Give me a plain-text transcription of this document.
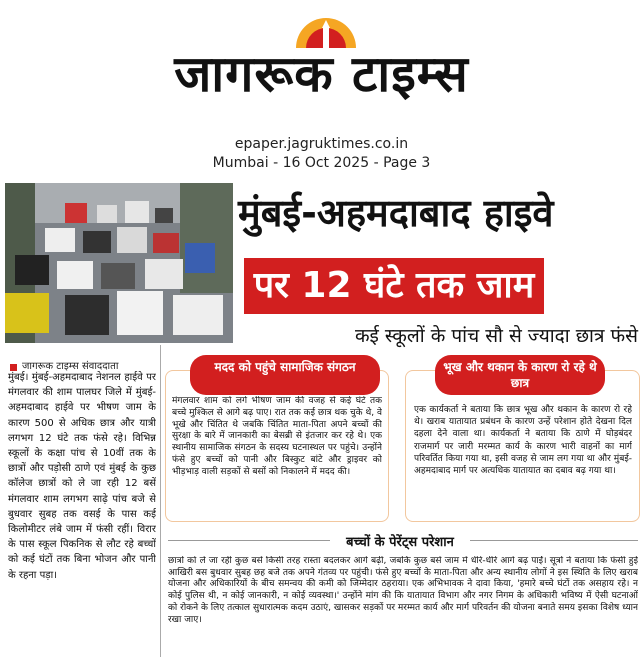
जागरूक टाइम्स
epaper.jagruktimes.co.in
Mumbai - 16 Oct 2025 - Page 3
मुंबई-अहमदाबाद हाइवे
पर 12 घंटे तक जाम
कई स्कूलों के पांच सौ से ज्यादा छात्र फंसे
जागरूक टाइम्स संवाददाता
मुंबई। मुंबई-अहमदाबाद नेशनल हाईवे पर मंगलवार की शाम पालघर जिले में मुंबई-अहमदाबाद हाईवे पर भीषण जाम के कारण 500 से अधिक छात्र और यात्री लगभग 12 घंटे तक फंसे रहे। विभिन्न स्कूलों के कक्षा पांच से 10वीं तक के छात्रों और पड़ोसी ठाणे एवं मुंबई के कुछ कॉलेज छात्रों को ले जा रही 12 बसें मंगलवार शाम लगभग साढ़े पांच बजे से बुधवार सुबह तक वसई के पास कई किलोमीटर लंबे जाम में फंसी रहीं। विरार के पास स्कूल पिकनिक से लौट रहे बच्चों को कई घंटों तक बिना भोजन और पानी के रहना पड़ा।
मदद को पहुंचे सामाजिक संगठन
मंगलवार शाम को लगे भीषण जाम की वजह से कई घंटे तक बच्चे मुश्किल से आगे बढ़ पाए। रात तक कई छात्र थक चुके थे, वे भूखे और चिंतित थे जबकि चिंतित माता-पिता अपने बच्चों की सुरक्षा के बारे में जानकारी का बेसब्री से इंतजार कर रहे थे। एक स्थानीय सामाजिक संगठन के सदस्य घटनास्थल पर पहुंचे। उन्होंने फंसे हुए बच्चों को पानी और बिस्कुट बांटे और ड्राइवर को भीड़भाड़ वाली सड़कों से बसों को निकालने में मदद की।
भूख और थकान के कारण रो रहे थे छात्र
एक कार्यकर्ता ने बताया कि छात्र भूख और थकान के कारण रो रहे थे। खराब यातायात प्रबंधन के कारण उन्हें परेशान होते देखना दिल दहला देने वाला था। कार्यकर्ता ने बताया कि ठाणे में घोड़बंदर राजमार्ग पर जारी मरम्मत कार्य के कारण भारी वाहनों का मार्ग परिवर्तित किया गया था, इसी वजह से जाम लग गया था और मुंबई-अहमदाबाद मार्ग पर अत्यधिक यातायात का दबाव बढ़ गया था।
बच्चों के पेरेंट्स परेशान
छात्रों को ले जा रही कुछ बसें किसी तरह रास्ता बदलकर आगे बढ़ीं, जबकि कुछ बसें जाम में धीरे-धीरे आगे बढ़ पाईं। सूत्रों ने बताया कि फंसी हुई आखिरी बस बुधवार सुबह छह बजे तक अपने गंतव्य पर पहुंची। फंसे हुए बच्चों के माता-पिता और अन्य स्थानीय लोगों ने इस स्थिति के लिए खराब योजना और अधिकारियों के बीच समन्वय की कमी को जिम्मेदार ठहराया। एक अभिभावक ने दावा किया, 'हमारे बच्चे घंटों तक असहाय रहे। न कोई पुलिस थी, न कोई जानकारी, न कोई व्यवस्था।' उन्होंने मांग की कि यातायात विभाग और नगर निगम के अधिकारी भविष्य में ऐसी घटनाओं को रोकने के लिए तत्काल सुधारात्मक कदम उठाएं, खासकर सड़कों पर मरम्मत कार्य और मार्ग परिवर्तन की योजना बनाते समय इसका विशेष ध्यान रखा जाए।
